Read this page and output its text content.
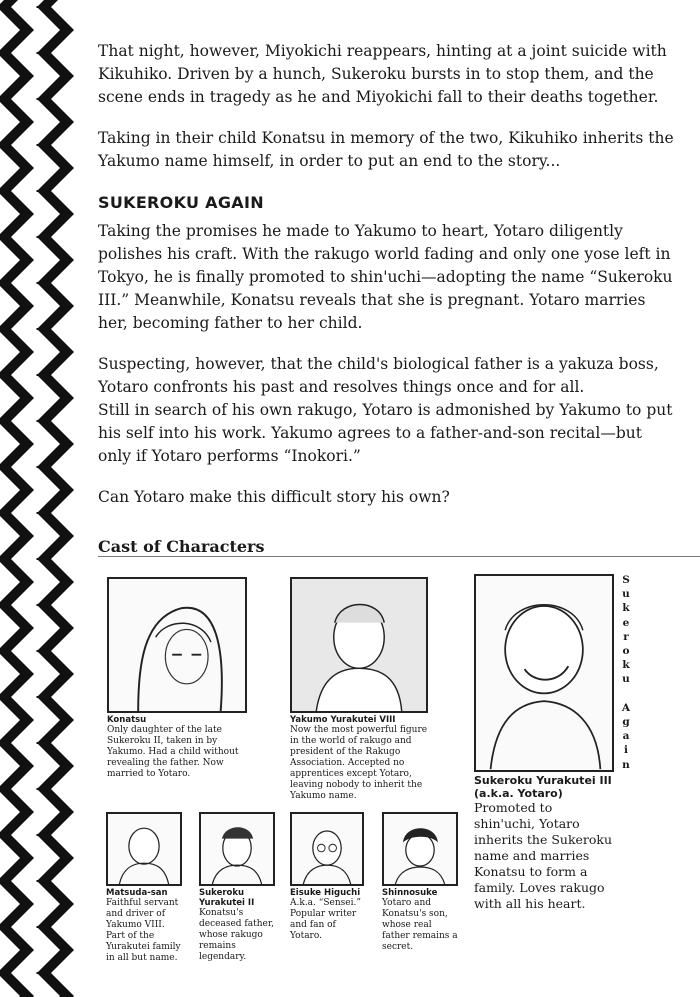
That night, however, Miyokichi reappears, hinting at a joint suicide with Kikuhiko. Driven by a hunch, Sukeroku bursts in to stop them, and the scene ends in tragedy as he and Miyokichi fall to their deaths together.

Taking in their child Konatsu in memory of the two, Kikuhiko inherits the Yakumo name himself, in order to put an end to the story...

SUKEROKU AGAIN

Taking the promises he made to Yakumo to heart, Yotaro diligently polishes his craft. With the rakugo world fading and only one yose left in Tokyo, he is finally promoted to shin'uchi—adopting the name “Sukeroku III.” Meanwhile, Konatsu reveals that she is pregnant. Yotaro marries her, becoming father to her child.

Suspecting, however, that the child's biological father is a yakuza boss, Yotaro confronts his past and resolves things once and for all.

Still in search of his own rakugo, Yotaro is admonished by Yakumo to put his self into his work. Yakumo agrees to a father-and-son recital—but only if Yotaro performs “Inokori.”

Can Yotaro make this difficult story his own?

Cast of Characters
Konatsu
Only daughter of the late Sukeroku II, taken in by Yakumo. Had a child without revealing the father. Now married to Yotaro.
Yakumo Yurakutei VIII
Now the most powerful figure in the world of rakugo and president of the Rakugo Association. Accepted no apprentices except Yotaro, leaving nobody to inherit the Yakumo name.
Sukeroku Yurakutei III (a.k.a. Yotaro)
Promoted to shin'uchi, Yotaro inherits the Sukeroku name and marries Konatsu to form a family. Loves rakugo with all his heart.
S
u
k
e
r
o
k
u

A
g
a
i
n
Matsuda-san
Faithful servant and driver of Yakumo VIII. Part of the Yurakutei family in all but name.
Sukeroku Yurakutei II
Konatsu's deceased father, whose rakugo remains legendary.
Eisuke Higuchi
A.k.a. “Sensei.” Popular writer and fan of Yotaro.
Shinnosuke
Yotaro and Konatsu's son, whose real father remains a secret.
